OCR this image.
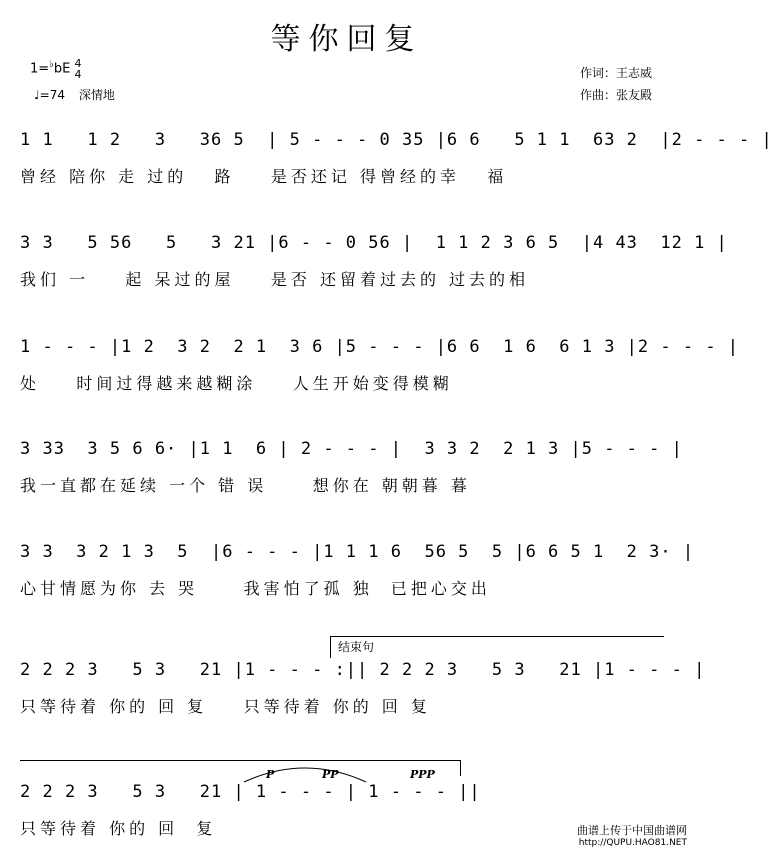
等你回复
1=♭bE 4
4
♩=74 深情地
作词：王志威
作曲：张友殿
1 1   1 2   3   36 5  | 5 - - - 0 35 |6 6   5 1 1  63 2  |2 - - - |
曾经 陪你 走 过的   路    是否还记 得曾经的幸   福
3 3   5 56   5   3 21 |6 - - 0 56 |  1 1 2 3 6 5  |4 43  12 1 |
我们 一    起 呆过的屋    是否 还留着过去的 过去的相
1 - - - |1 2  3 2  2 1  3 6 |5 - - - |6 6  1 6  6 1 3 |2 - - - |
处    时间过得越来越糊涂    人生开始变得模糊
3 33  3 5 6 6· |1 1  6 | 2 - - - |  3 3 2  2 1 3 |5 - - - |
我一直都在延续 一个 错 误     想你在 朝朝暮 暮
3 3  3 2 1 3  5  |6 - - - |1 1 1 6  56 5  5 |6 6 5 1  2 3· |
心甘情愿为你 去 哭     我害怕了孤 独  已把心交出
结束句
2 2 2 3   5 3   21 |1 - - - :|| 2 2 2 3   5 3   21 |1 - - - |
只等待着 你的 回 复    只等待着 你的 回 复
P	PP	PPP
2 2 2 3   5 3   21 | 1 - - - | 1 - - - ||
只等待着 你的 回  复	曲谱上传于中国曲谱网
http://QUPU.HAO81.NET
